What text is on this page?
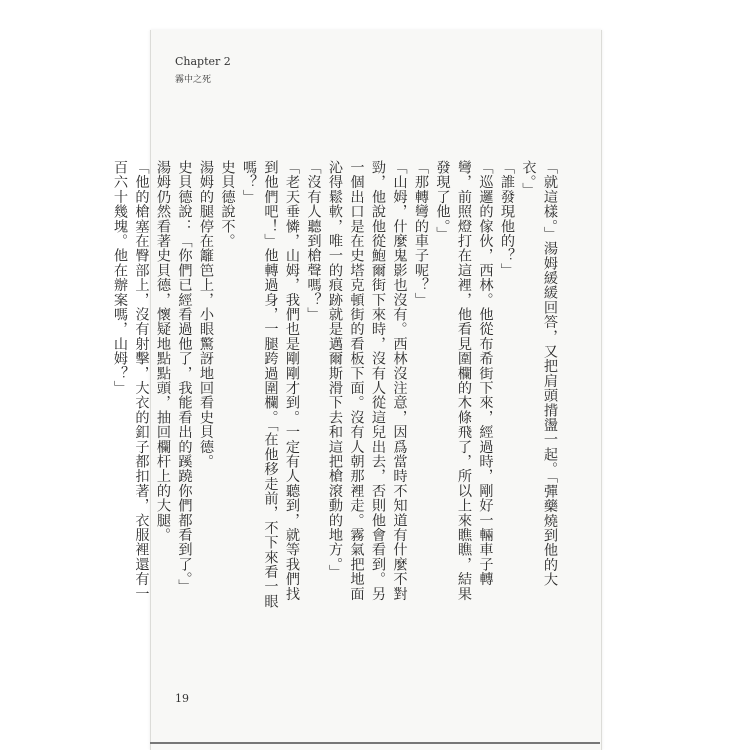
Chapter 2
霧中之死

「就這樣。」湯姆緩緩回答，又把肩頭揹盪一起。「彈藥燒到他的大衣。」

「誰發現他的？」

「巡邏的傢伙，西林。他從布希街下來，經過時，剛好一輛車子轉彎，前照燈打在這裡，他看見圍欄的木條飛了，所以上來瞧瞧，結果發現了他。」

「那轉彎的車子呢？」

「山姆，什麼鬼影也沒有。西林沒注意，因爲當時不知道有什麼不對勁，他說他從鮑爾街下來時，沒有人從這兒出去，否則他會看到。另一個出口是在史塔克頓街的看板下面。沒有人朝那裡走。霧氣把地面沁得鬆軟，唯一的痕跡就是邁爾斯滑下去和這把槍滾動的地方。」

「沒有人聽到槍聲嗎？」

「老天垂憐，山姆，我們也是剛剛才到。一定有人聽到，就等我們找到他們吧！」他轉過身，一腿跨過圍欄。「在他移走前，不下來看一眼嗎？」

史貝德說不。

湯姆的腿停在籬笆上，小眼驚訝地回看史貝德。

史貝德說：「你們已經看過他了，我能看出的蹊蹺你們都看到了。」

湯姆仍然看著史貝德，懷疑地點點頭，抽回欄杆上的大腿。

「他的槍塞在臀部上，沒有射擊，大衣的釦子都扣著，衣服裡還有一百六十幾塊。他在辦案嗎，山姆？」

19
